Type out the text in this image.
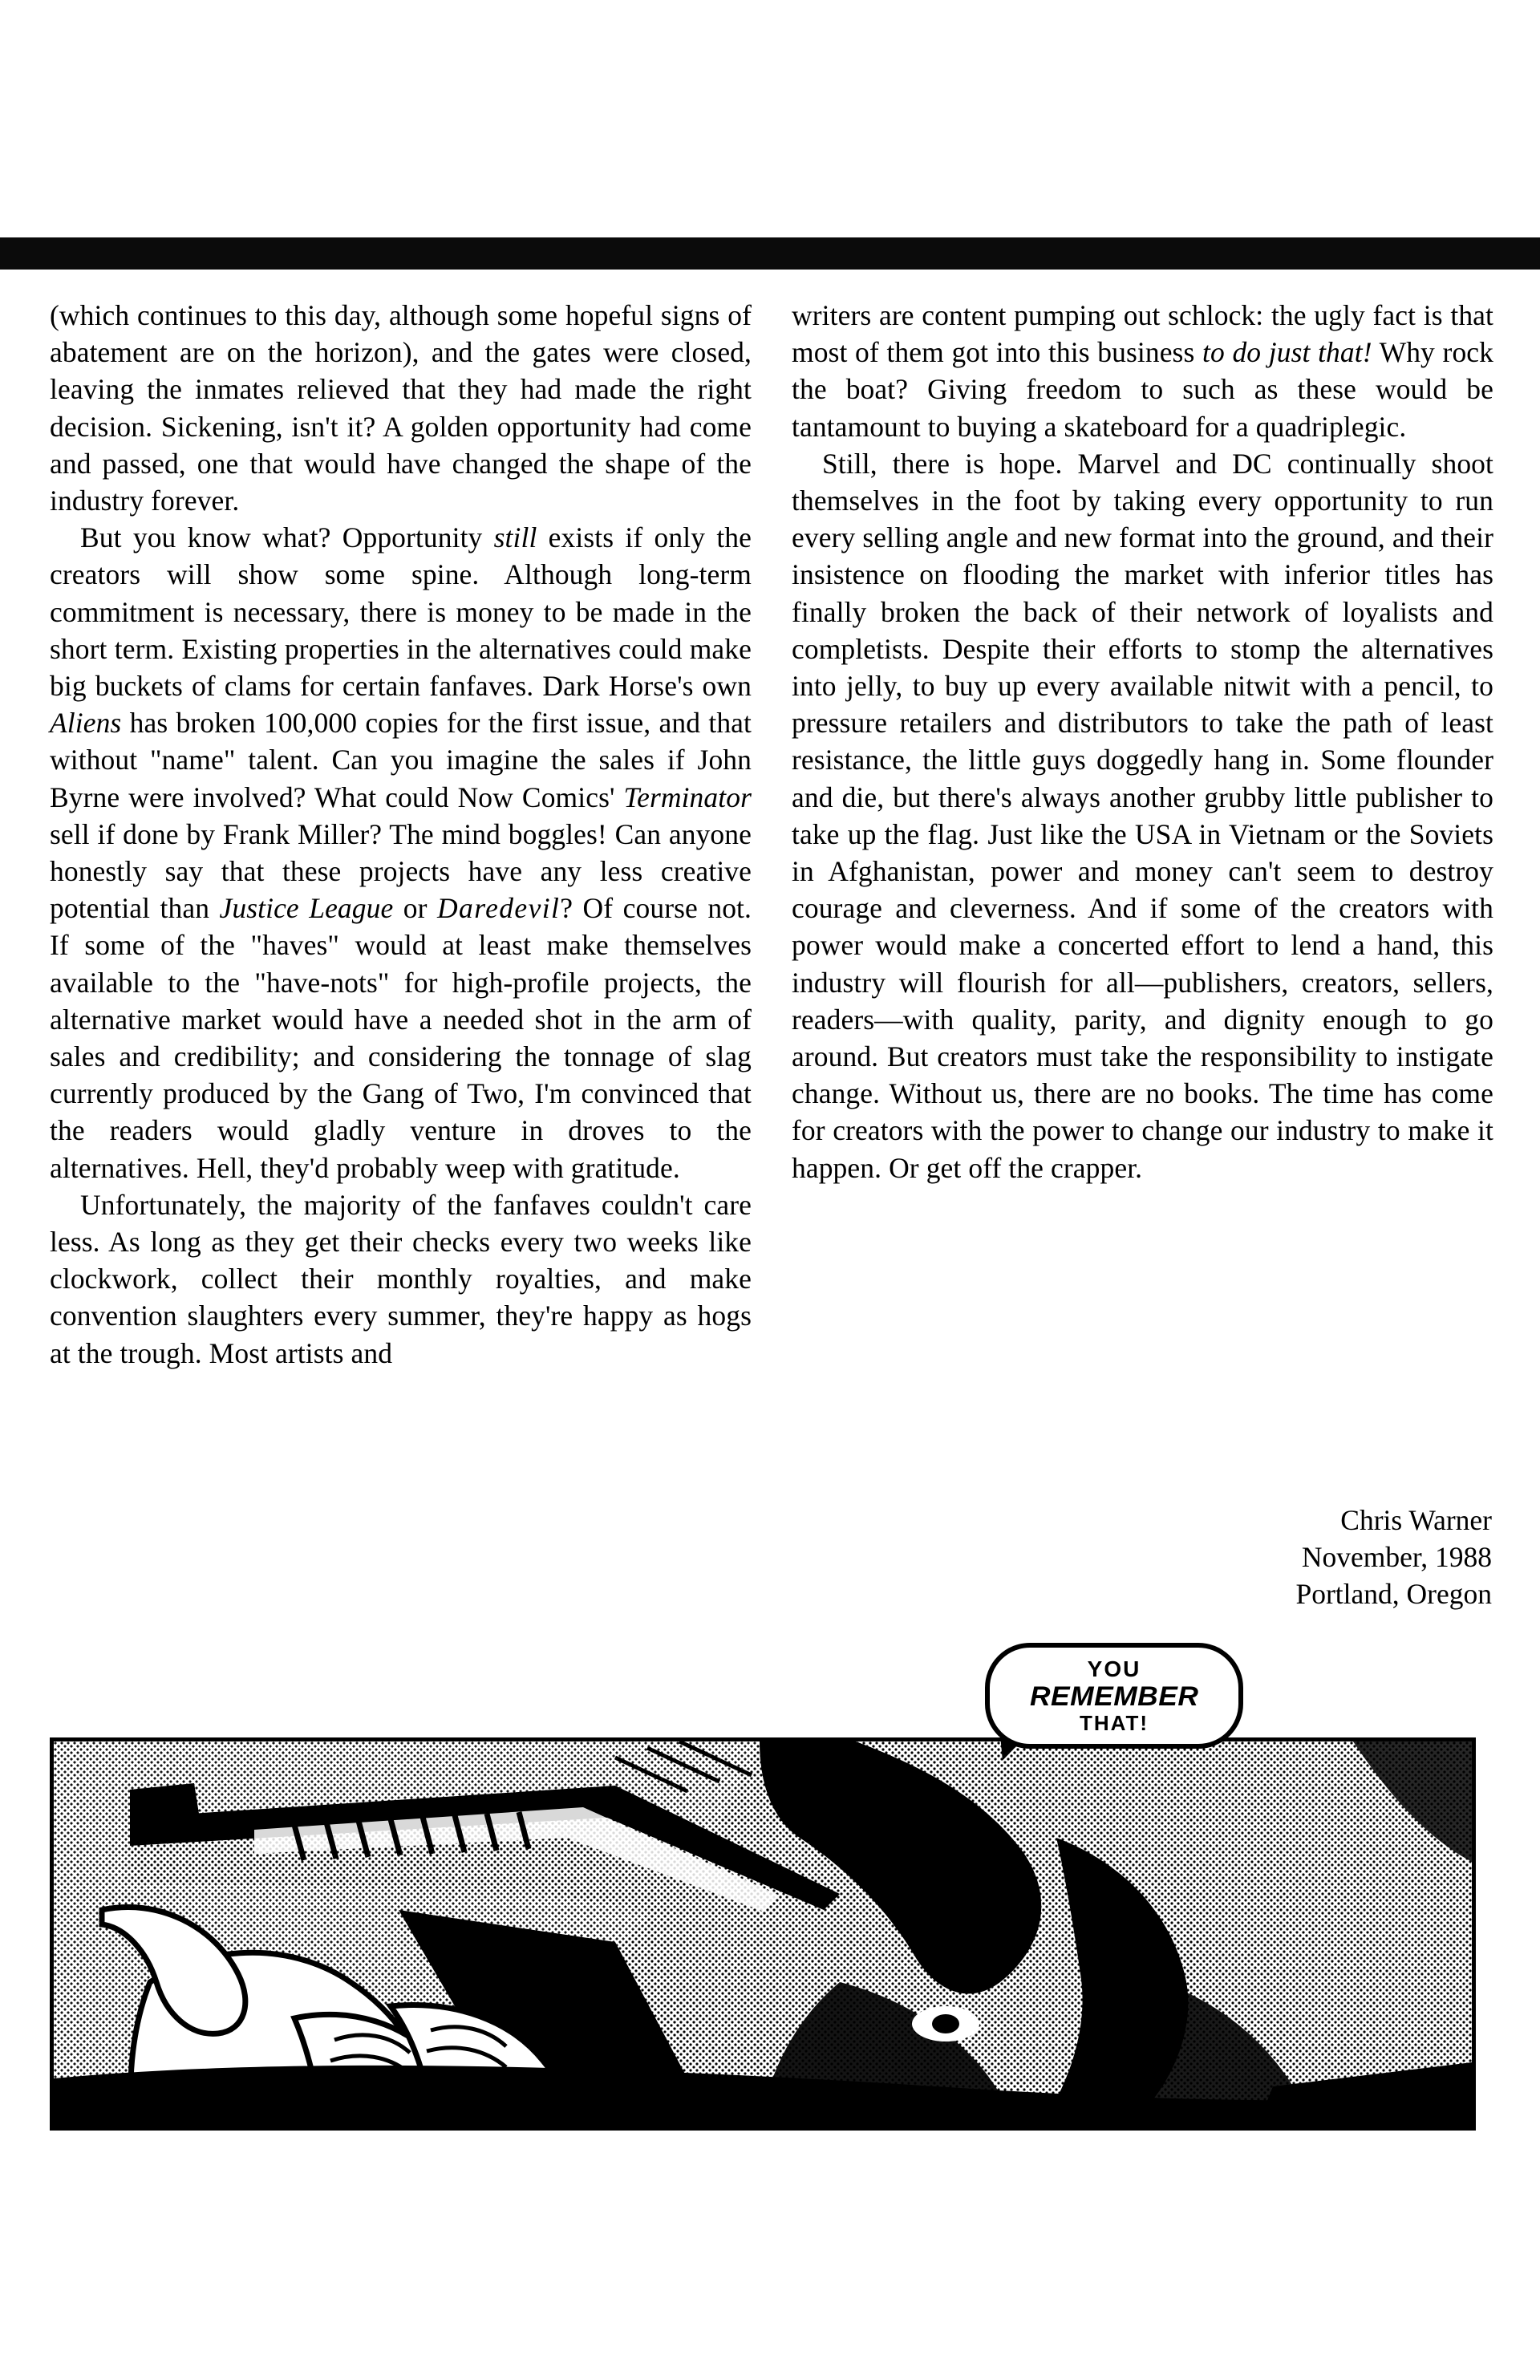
(which continues to this day, although some hopeful signs of abatement are on the horizon), and the gates were closed, leaving the inmates relieved that they had made the right decision. Sickening, isn't it? A golden opportunity had come and passed, one that would have changed the shape of the industry forever.

But you know what? Opportunity still exists if only the creators will show some spine. Although long-term commitment is necessary, there is money to be made in the short term. Existing properties in the alternatives could make big buckets of clams for certain fanfaves. Dark Horse's own Aliens has broken 100,000 copies for the first issue, and that without "name" talent. Can you imagine the sales if John Byrne were involved? What could Now Comics' Terminator sell if done by Frank Miller? The mind boggles! Can anyone honestly say that these projects have any less creative potential than Justice League or Daredevil? Of course not. If some of the "haves" would at least make themselves available to the "have-nots" for high-profile projects, the alternative market would have a needed shot in the arm of sales and credibility; and considering the tonnage of slag currently produced by the Gang of Two, I'm convinced that the readers would gladly venture in droves to the alternatives. Hell, they'd probably weep with gratitude.

Unfortunately, the majority of the fanfaves couldn't care less. As long as they get their checks every two weeks like clockwork, collect their monthly royalties, and make convention slaughters every summer, they're happy as hogs at the trough. Most artists and

writers are content pumping out schlock: the ugly fact is that most of them got into this business to do just that! Why rock the boat? Giving freedom to such as these would be tantamount to buying a skateboard for a quadriplegic.

Still, there is hope. Marvel and DC continually shoot themselves in the foot by taking every opportunity to run every selling angle and new format into the ground, and their insistence on flooding the market with inferior titles has finally broken the back of their network of loyalists and completists. Despite their efforts to stomp the alternatives into jelly, to buy up every available nitwit with a pencil, to pressure retailers and distributors to take the path of least resistance, the little guys doggedly hang in. Some flounder and die, but there's always another grubby little publisher to take up the flag. Just like the USA in Vietnam or the Soviets in Afghanistan, power and money can't seem to destroy courage and cleverness. And if some of the creators with power would make a concerted effort to lend a hand, this industry will flourish for all—publishers, creators, sellers, readers—with quality, parity, and dignity enough to go around. But creators must take the responsibility to instigate change. Without us, there are no books. The time has come for creators with the power to change our industry to make it happen. Or get off the crapper.

Chris Warner
November, 1988
Portland, Oregon
YOU
REMEMBER
THAT!
